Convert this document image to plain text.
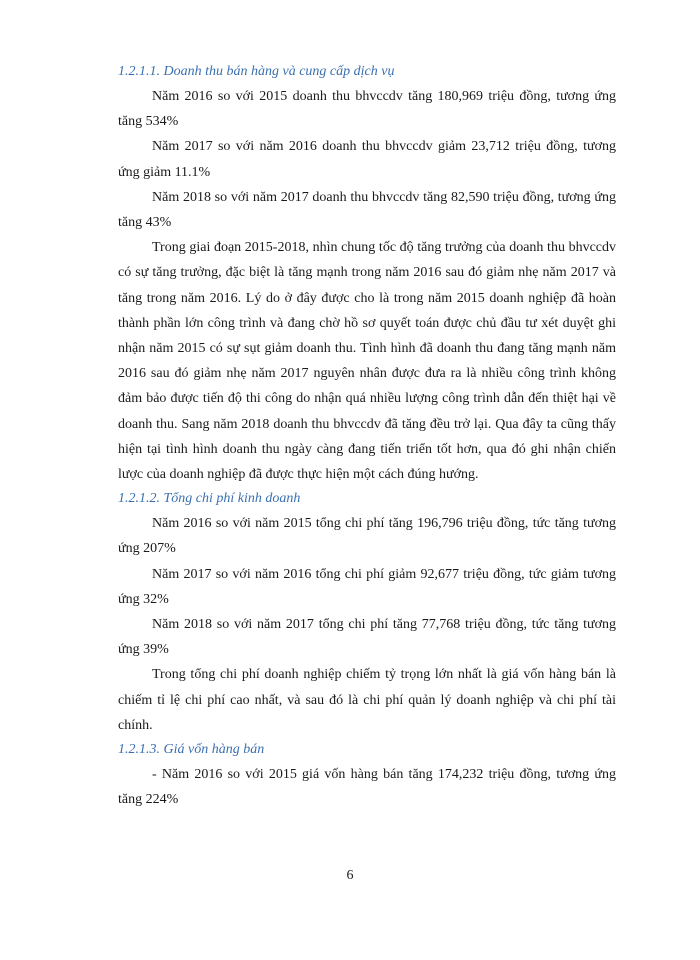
1.2.1.1. Doanh thu bán hàng và cung cấp dịch vụ

Năm 2016 so với 2015 doanh thu bhvccdv tăng 180,969 triệu đồng, tương ứng tăng 534%

Năm 2017 so với năm 2016 doanh thu bhvccdv giảm 23,712 triệu đồng, tương ứng giảm 11.1%

Năm 2018 so với năm 2017 doanh thu bhvccdv tăng 82,590 triệu đồng, tương ứng tăng 43%

Trong giai đoạn 2015-2018, nhìn chung tốc độ tăng trưởng của doanh thu bhvccdv có sự tăng trưởng, đặc biệt là tăng mạnh trong năm 2016 sau đó giảm nhẹ năm 2017 và tăng trong năm 2016. Lý do ở đây được cho là trong năm 2015 doanh nghiệp đã hoàn thành phần lớn công trình và đang chờ hồ sơ quyết toán được chủ đầu tư xét duyệt ghi nhận năm 2015 có sự sụt giảm doanh thu. Tình hình đã doanh thu đang tăng mạnh năm 2016 sau đó giảm nhẹ năm 2017 nguyên nhân được đưa ra là nhiều công trình không đảm bảo được tiến độ thi công do nhận quá nhiều lượng công trình dẫn đến thiệt hại về doanh thu. Sang năm 2018 doanh thu bhvccdv đã tăng đều trở lại. Qua đây ta cũng thấy hiện tại tình hình doanh thu ngày càng đang tiến triển tốt hơn, qua đó ghi nhận chiến lược của doanh nghiệp đã được thực hiện một cách đúng hướng.

1.2.1.2. Tổng chi phí kinh doanh

Năm 2016 so với năm 2015 tổng chi phí tăng 196,796 triệu đồng, tức tăng tương ứng 207%

Năm 2017 so với năm 2016 tổng chi phí giảm 92,677 triệu đồng, tức giảm tương ứng 32%

Năm 2018 so với năm 2017 tổng chi phí tăng 77,768 triệu đồng, tức tăng tương ứng 39%

Trong tổng chi phí doanh nghiệp chiếm tỷ trọng lớn nhất là giá vốn hàng bán là chiếm tỉ lệ chi phí cao nhất, và sau đó là chi phí quản lý doanh nghiệp và chi phí tài chính.

1.2.1.3. Giá vốn hàng bán

- Năm 2016 so với 2015 giá vốn hàng bán tăng 174,232 triệu đồng, tương ứng tăng 224%

6
